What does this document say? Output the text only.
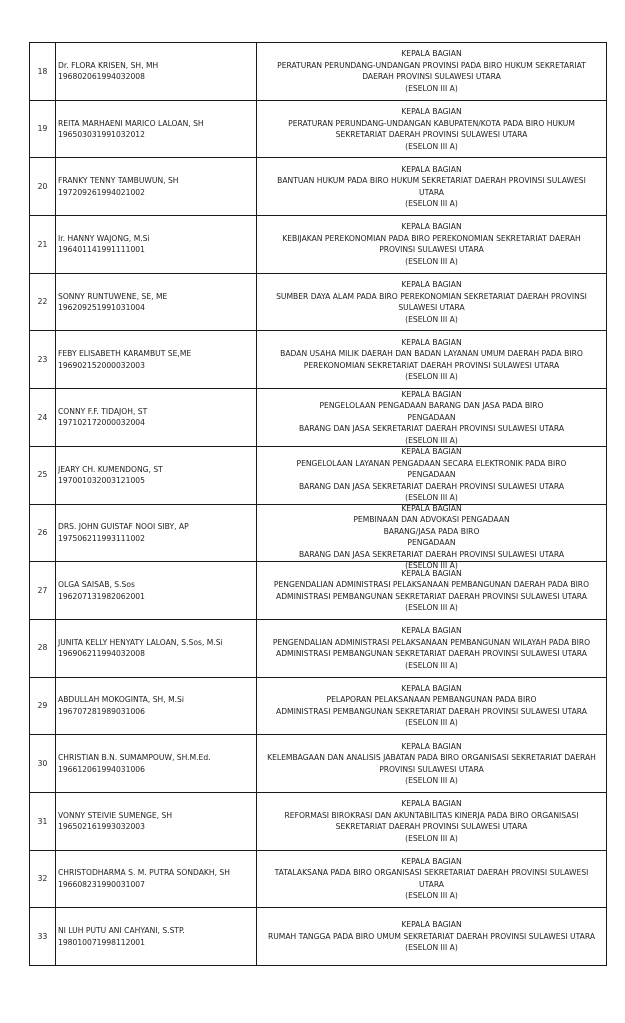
18	Dr. FLORA KRISEN, SH, MH
196802061994032008	KEPALA BAGIAN
PERATURAN PERUNDANG-UNDANGAN PROVINSI PADA BIRO HUKUM SEKRETARIAT
DAERAH PROVINSI SULAWESI UTARA
(ESELON III A)

19	REITA MARHAENI MARICO LALOAN, SH
196503031991032012	KEPALA BAGIAN
PERATURAN PERUNDANG-UNDANGAN KABUPATEN/KOTA PADA BIRO HUKUM
SEKRETARIAT DAERAH PROVINSI SULAWESI UTARA
(ESELON III A)

20	FRANKY TENNY TAMBUWUN, SH
197209261994021002	KEPALA BAGIAN
BANTUAN HUKUM PADA BIRO HUKUM SEKRETARIAT DAERAH PROVINSI SULAWESI
UTARA
(ESELON III A)

21	Ir. HANNY WAJONG, M.Si
196401141991111001	KEPALA BAGIAN
KEBIJAKAN PEREKONOMIAN PADA BIRO PEREKONOMIAN SEKRETARIAT DAERAH
PROVINSI SULAWESI UTARA
(ESELON III A)

22	SONNY RUNTUWENE, SE, ME
196209251991031004	KEPALA BAGIAN
SUMBER DAYA ALAM PADA BIRO PEREKONOMIAN SEKRETARIAT DAERAH PROVINSI
SULAWESI UTARA
(ESELON III A)

23	FEBY ELISABETH KARAMBUT SE,ME
196902152000032003	KEPALA BAGIAN
BADAN USAHA MILIK DAERAH DAN BADAN LAYANAN UMUM DAERAH PADA BIRO
PEREKONOMIAN SEKRETARIAT DAERAH PROVINSI SULAWESI UTARA
(ESELON III A)

24	CONNY F.F. TIDAJOH, ST
197102172000032004	KEPALA BAGIAN
PENGELOLAAN PENGADAAN BARANG DAN JASA PADA BIRO
PENGADAAN
BARANG DAN JASA SEKRETARIAT DAERAH PROVINSI SULAWESI UTARA
(ESELON III A)

25	JEARY CH. KUMENDONG, ST
197001032003121005	KEPALA BAGIAN
PENGELOLAAN LAYANAN PENGADAAN SECARA ELEKTRONIK PADA BIRO
PENGADAAN
BARANG DAN JASA SEKRETARIAT DAERAH PROVINSI SULAWESI UTARA
(ESELON III A)

26	
DRS. JOHN GUISTAF NOOI SIBY, AP
197506211993111002

KEPALA BAGIAN
PEMBINAAN DAN ADVOKASI PENGADAAN
BARANG/JASA PADA BIRO
PENGADAAN
BARANG DAN JASA SEKRETARIAT DAERAH PROVINSI SULAWESI UTARA
(ESELON III A)

27	OLGA SAISAB, S.Sos
196207131982062001	KEPALA BAGIAN
PENGENDALIAN ADMINISTRASI PELAKSANAAN PEMBANGUNAN DAERAH PADA BIRO
ADMINISTRASI PEMBANGUNAN SEKRETARIAT DAERAH PROVINSI SULAWESI UTARA
(ESELON III A)

28	JUNITA KELLY HENYATY LALOAN, S.Sos, M.Si
196906211994032008	KEPALA BAGIAN
PENGENDALIAN ADMINISTRASI PELAKSANAAN PEMBANGUNAN WILAYAH PADA BIRO
ADMINISTRASI PEMBANGUNAN SEKRETARIAT DAERAH PROVINSI SULAWESI UTARA
(ESELON III A)

29	ABDULLAH MOKOGINTA, SH, M.Si
196707281989031006	KEPALA BAGIAN
PELAPORAN PELAKSANAAN PEMBANGUNAN PADA BIRO
ADMINISTRASI PEMBANGUNAN SEKRETARIAT DAERAH PROVINSI SULAWESI UTARA
(ESELON III A)

30	CHRISTIAN B.N. SUMAMPOUW, SH.M.Ed.
196612061994031006	KEPALA BAGIAN
KELEMBAGAAN DAN ANALISIS JABATAN PADA BIRO ORGANISASI SEKRETARIAT DAERAH
PROVINSI SULAWESI UTARA
(ESELON III A)

31	VONNY STEIVIE SUMENGE, SH
196502161993032003	KEPALA BAGIAN
REFORMASI BIROKRASI DAN AKUNTABILITAS KINERJA PADA BIRO ORGANISASI
SEKRETARIAT DAERAH PROVINSI SULAWESI UTARA
(ESELON III A)

32	CHRISTODHARMA S. M. PUTRA SONDAKH, SH
196608231990031007	KEPALA BAGIAN
TATALAKSANA PADA BIRO ORGANISASI SEKRETARIAT DAERAH PROVINSI SULAWESI
UTARA
(ESELON III A)

33	NI LUH PUTU ANI CAHYANI, S.STP.
198010071998112001	KEPALA BAGIAN
RUMAH TANGGA PADA BIRO UMUM SEKRETARIAT DAERAH PROVINSI SULAWESI UTARA
(ESELON III A)
